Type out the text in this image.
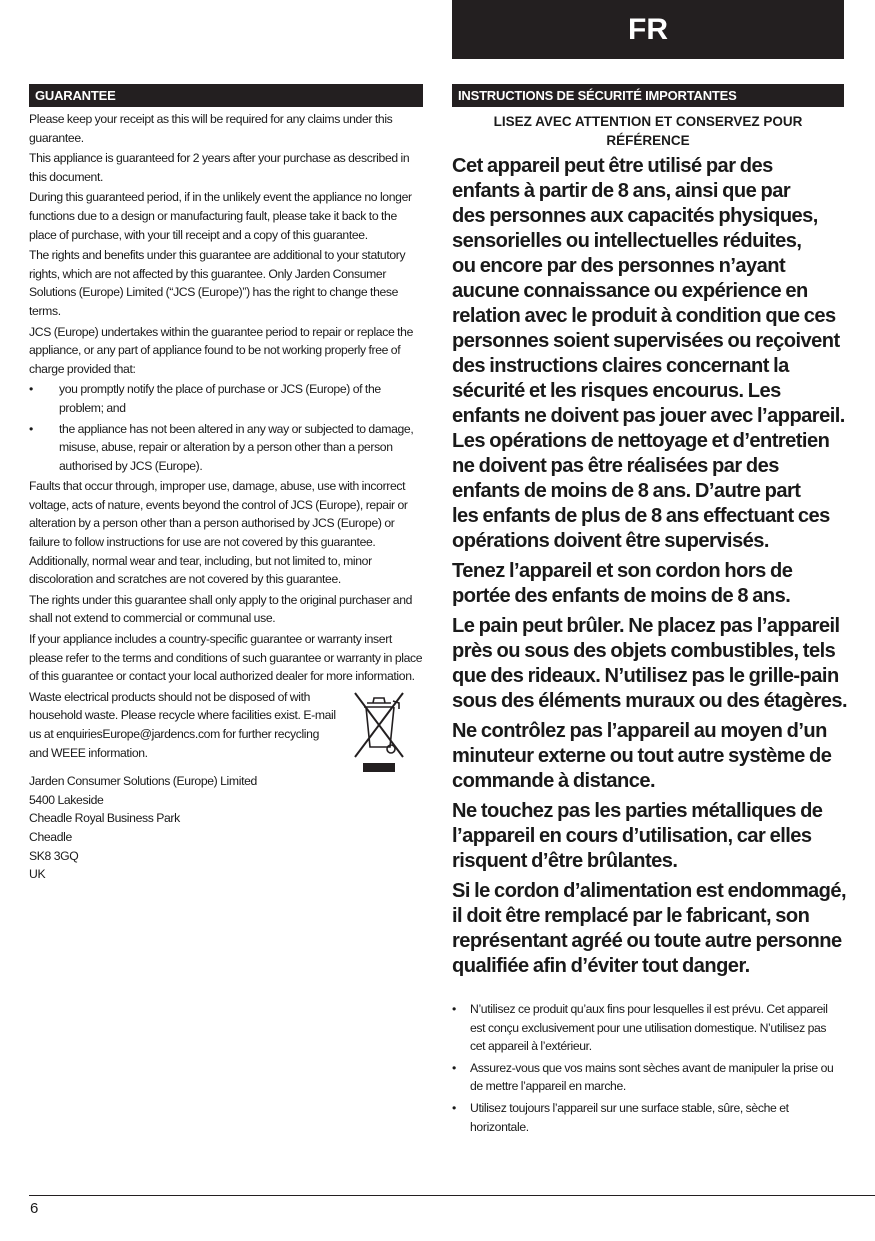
FR
GUARANTEE

Please keep your receipt as this will be required for any claims under this guarantee.

This appliance is guaranteed for 2 years after your purchase as described in this document.

During this guaranteed period, if in the unlikely event the appliance no longer functions due to a design or manufacturing fault, please take it back to the place of purchase, with your till receipt and a copy of this guarantee.

The rights and benefits under this guarantee are additional to your statutory rights, which are not affected by this guarantee. Only Jarden Consumer Solutions (Europe) Limited (“JCS (Europe)”) has the right to change these terms.

JCS (Europe) undertakes within the guarantee period to repair or replace the appliance, or any part of appliance found to be not working properly free of charge provided that:

• you promptly notify the place of purchase or JCS (Europe) of the problem; and
• the appliance has not been altered in any way or subjected to damage, misuse, abuse, repair or alteration by a person other than a person authorised by JCS (Europe).

Faults that occur through, improper use, damage, abuse, use with incorrect voltage, acts of nature, events beyond the control of JCS (Europe), repair or alteration by a person other than a person authorised by JCS (Europe) or failure to follow instructions for use are not covered by this guarantee. Additionally, normal wear and tear, including, but not limited to, minor discoloration and scratches are not covered by this guarantee.

The rights under this guarantee shall only apply to the original purchaser and shall not extend to commercial or communal use.

If your appliance includes a country-specific guarantee or warranty insert please refer to the terms and conditions of such guarantee or warranty in place of this guarantee or contact your local authorized dealer for more information.

Waste electrical products should not be disposed of with household waste. Please recycle where facilities exist. E-mail us at enquiriesEurope@jardencs.com for further recycling and WEEE information.
Jarden Consumer Solutions (Europe) Limited
5400 Lakeside
Cheadle Royal Business Park
Cheadle
SK8 3GQ
UK
INSTRUCTIONS DE SÉCURITÉ IMPORTANTES
LISEZ AVEC ATTENTION ET CONSERVEZ POUR RÉFÉRENCE

Cet appareil peut être utilisé par des
enfants à partir de 8 ans, ainsi que par
des personnes aux capacités physiques,
sensorielles ou intellectuelles réduites,
ou encore par des personnes n’ayant
aucune connaissance ou expérience en
relation avec le produit à condition que ces
personnes soient supervisées ou reçoivent
des instructions claires concernant la
sécurité et les risques encourus. Les
enfants ne doivent pas jouer avec l’appareil.
Les opérations de nettoyage et d’entretien
ne doivent pas être réalisées par des
enfants de moins de 8 ans. D’autre part
les enfants de plus de 8 ans effectuant ces
opérations doivent être supervisés.

Tenez l’appareil et son cordon hors de
portée des enfants de moins de 8 ans.

Le pain peut brûler. Ne placez pas l’appareil
près ou sous des objets combustibles, tels
que des rideaux. N’utilisez pas le grille-pain
sous des éléments muraux ou des étagères.

Ne contrôlez pas l’appareil au moyen d’un
minuteur externe ou tout autre système de
commande à distance.

Ne touchez pas les parties métalliques de
l’appareil en cours d’utilisation, car elles
risquent d’être brûlantes.

Si le cordon d’alimentation est endommagé,
il doit être remplacé par le fabricant, son
représentant agréé ou toute autre personne
qualifiée afin d’éviter tout danger.

• N’utilisez ce produit qu’aux fins pour lesquelles il est prévu. Cet appareil est conçu exclusivement pour une utilisation domestique. N’utilisez pas cet appareil à l’extérieur.
• Assurez-vous que vos mains sont sèches avant de manipuler la prise ou de mettre l’appareil en marche.
• Utilisez toujours l’appareil sur une surface stable, sûre, sèche et horizontale.
6
